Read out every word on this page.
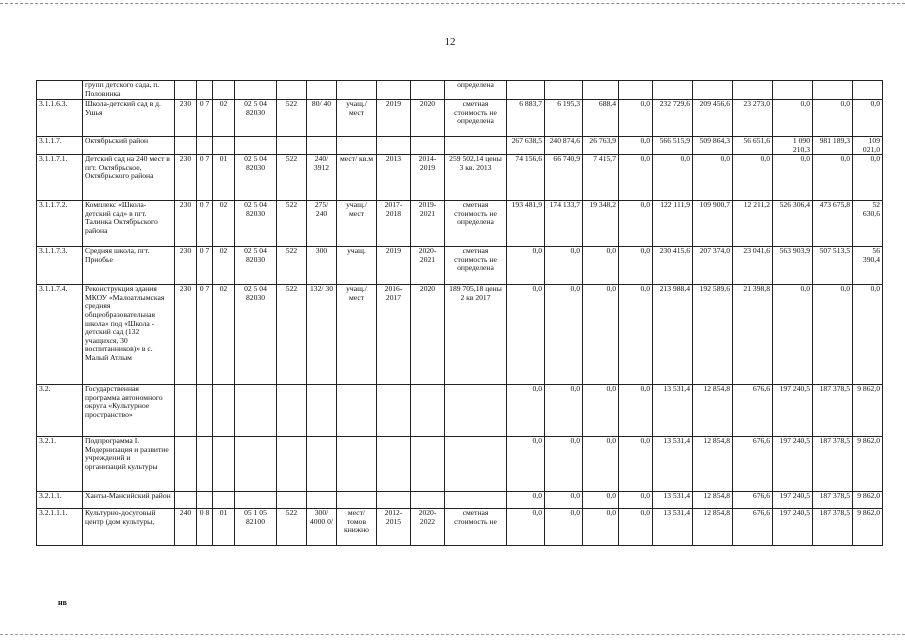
12
	групп детского сада, п. Половинка										определена										
3.1.1.6.3.	Школа-детский сад в д. Ушья	230	0 7	02	02 5 04 82030	522	80/ 40	учащ./ мест	2019	2020	сметная стоимость не определена	6 883,7	6 195,3	688,4	0,0	232 729,6	209 456,6	23 273,0	0,0	0,0	0,0
3.1.1.7.	Октябрьский район											267 638,5	240 874,6	26 763,9	0,0	566 515,9	509 864,3	56 651,6	1 090 210,3	981 189,3	109 021,0
3.1.1.7.1.	Детский сад на 240 мест в пгт. Октябрьское, Октябрьского района	230	0 7	01	02 5 04 82030	522	240/ 3912	мест/ кв.м	2013	2014-2019	259 502,14 цены 3 кв. 2013	74 156,6	66 740,9	7 415,7	0,0	0,0	0,0	0,0	0,0	0,0	0,0
3.1.1.7.2.	Комплекс «Школа-детский сад» в пгт. Талинка Октябрьского района	230	0 7	02	02 5 04 82030	522	275/ 240	учащ./ мест	2017-2018	2019-2021	сметная стоимость не определена	193 481,9	174 133,7	19 348,2	0,0	122 111,9	109 900,7	12 211,2	526 306,4	473 675,8	52 630,6
3.1.1.7.3.	Средняя школа, пгт. Приобье	230	0 7	02	02 5 04 82030	522	300	учащ.	2019	2020-2021	сметная стоимость не определена	0,0	0,0	0,0	0,0	230 415,6	207 374,0	23 041,6	563 903,9	507 513,5	56 390,4
3.1.1.7.4.	Реконструкция здания МКОУ «Малоатлымская средняя общеобразовательная школа» под «Школа - детский сад (132 учащихся, 30 воспитанников)» в с. Малый Атлым	230	0 7	02	02 5 04 82030	522	132/ 30	учащ./ мест	2016-2017	2020	189 705,18 цены 2 кв 2017	0,0	0,0	0,0	0,0	213 988,4	192 589,6	21 398,8	0,0	0,0	0,0
3.2.	Государственная программа автономного округа «Культурное пространство»											0,0	0,0	0,0	0,0	13 531,4	12 854,8	676,6	197 240,5	187 378,5	9 862,0
3.2.1.	Подпрограмма I. Модернизация и развитие учреждений и организаций культуры											0,0	0,0	0,0	0,0	13 531,4	12 854,8	676,6	197 240,5	187 378,5	9 862,0
3.2.1.1.	Ханты-Мансийский район											0,0	0,0	0,0	0,0	13 531,4	12 854,8	676,6	197 240,5	187 378,5	9 862,0
3.2.1.1.1.	Культурно-досуговый центр (дом культуры,	240	0 8	01	05 1 05 82100	522	300/ 4000 0/	мест/ томов книжно	2012-2015	2020-2022	сметная стоимость не	0,0	0,0	0,0	0,0	13 531,4	12 854,8	676,6	197 240,5	187 378,5	9 862,0
нв
